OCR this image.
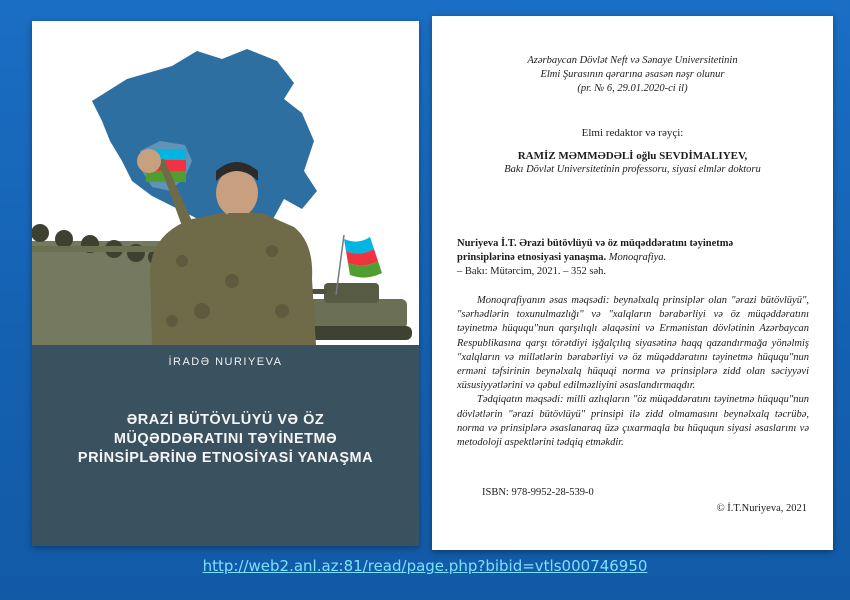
İRADƏ NURIYEVA
ƏRAZİ BÜTÖVLÜYÜ VƏ ÖZ
MÜQƏDDƏRATINI TƏYİNETMƏ
PRİNSİPLƏRİNƏ ETNOSİYASİ YANAŞMA
Azərbaycan Dövlət Neft və Sənaye Universitetinin
Elmi Şurasının qərarına əsasən nəşr olunur
(pr. № 6, 29.01.2020-ci il)
Elmi redaktor və rəyçi:
RAMİZ MƏMMƏDƏLİ oğlu SEVDİMALIYEV,
Bakı Dövlət Universitetinin professoru, siyasi elmlər doktoru
Nuriyeva İ.T. Ərazi bütövlüyü və öz müqəddəratını təyinetmə
prinsiplərinə etnosiyasi yanaşma. Monoqrafiya.
– Bakı: Mütərcim, 2021. – 352 səh.

Monoqrafiyanın əsas məqsədi: beynəlxalq prinsiplər olan "ərazi bütövlüyü", "sərhədlərin toxunulmazlığı" və "xalqların bərabərliyi və öz müqəddəratını təyinetmə hüququ"nun qarşılıqlı əlaqəsini və Ermənistan dövlətinin Azərbaycan Respublikasına qarşı törətdiyi işğalçılıq siyasətinə haqq qazandırmağa yönəlmiş "xalqların və millətlərin bərabərliyi və öz müqəddəratını təyinetmə hüququ"nun erməni təfsirinin beynəlxalq hüquqi norma və prinsiplərə zidd olan səciyyəvi xüsusiyyətlərini və qəbul edilməzliyini əsaslandırmaqdır.

Tədqiqatın məqsədi: milli azlıqların "öz müqəddəratını təyinetmə hüququ"nun dövlətlərin "ərazi bütövlüyü" prinsipi ilə zidd olmamasını beynəlxalq təcrübə, norma və prinsiplərə əsaslanaraq üzə çıxarmaqla bu hüququn siyasi əsaslarını və metodoloji aspektlərini tədqiq etməkdir.

ISBN: 978-9952-28-539-0
© İ.T.Nuriyeva, 2021
http://web2.anl.az:81/read/page.php?bibid=vtls000746950
